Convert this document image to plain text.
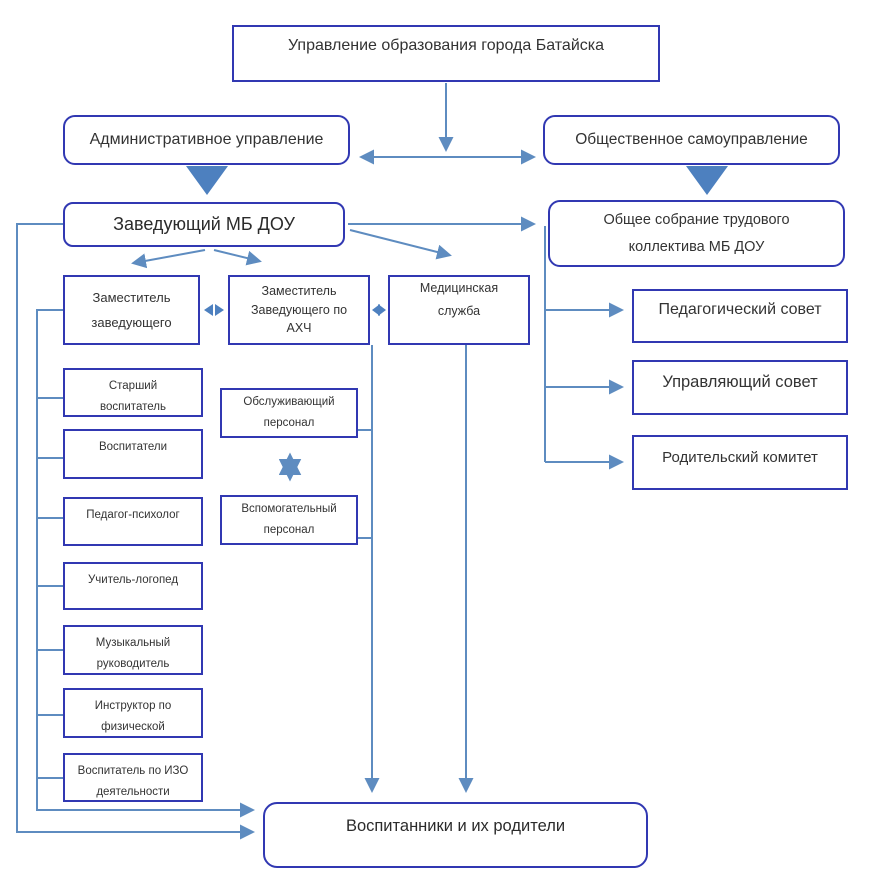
Управление образования города Батайска
Административное управление	Общественное самоуправление
Заведующий МБ ДОУ	Общее собрание трудового коллектива МБ ДОУ
Заместитель заведующего
Заместитель Заведующего по АХЧ
Медицинская служба
Старший воспитатель
Воспитатели
Педагог-психолог
Учитель-логопед
Музыкальный руководитель
Инструктор по физической
Воспитатель по ИЗО деятельности
Обслуживающий персонал
Вспомогательный персонал
Педагогический совет
Управляющий совет
Родительский комитет
Воспитанники и их родители
